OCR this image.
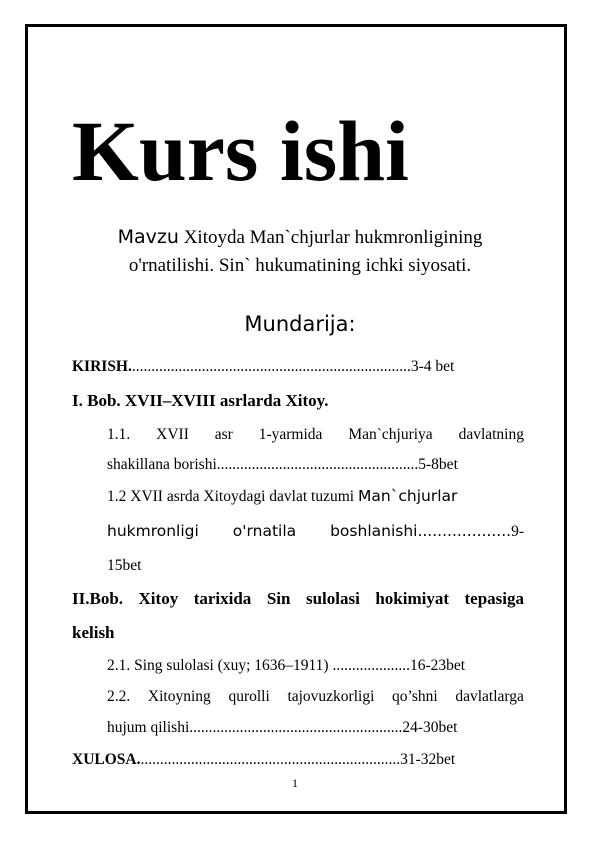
Kurs ishi
Mavzu Xitoyda Man`chjurlar hukmronligining
o'rnatilishi. Sin` hukumatining ichki siyosati.
Mundarija:
KIRISH.........................................................................3-4 bet
I. Bob. XVII–XVIII asrlarda Xitoy.
1.1. XVII asr 1-yarmida Man`chjuriya davlatning
shakillana borishi....................................................5-8bet
1.2 XVII asrda Xitoydagi davlat tuzumi Man`chjurlar
hukmronligi o'rnatila boshlanishi...................9-
15bet
II.Bob. Xitoy tarixida Sin sulolasi hokimiyat tepasiga
kelish
2.1. Sing sulolasi (xuy; 1636–1911) ....................16-23bet
2.2. Xitoyning qurolli tajovuzkorligi qo’shni davlatlarga
hujum qilishi.......................................................24-30bet
XULOSA....................................................................31-32bet
1
